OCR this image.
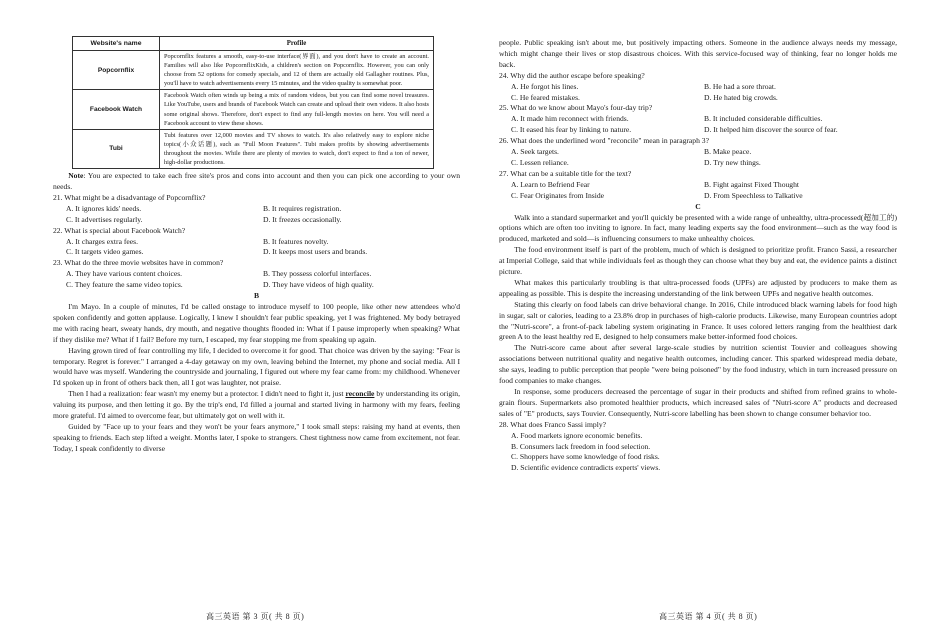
Website's name	Profile
Popcornflix	Popcornflix features a smooth, easy-to-use interface(界面), and you don't have to create an account. Families will also like PopcornflixKids, a children's section on Popcornflix. However, you can only choose from 52 options for comedy specials, and 12 of them are actually old Gallagher routines. Plus, you'll have to watch advertisements every 15 minutes, and the video quality is somewhat poor.
Facebook Watch	Facebook Watch often winds up being a mix of random videos, but you can find some novel treasures. Like YouTube, users and brands of Facebook Watch can create and upload their own videos. It also hosts some original shows. Therefore, don't expect to find any full-length movies on here. You will need a Facebook account to view these shows.
Tubi	Tubi features over 12,000 movies and TV shows to watch. It's also relatively easy to explore niche topics(小众话题), such as "Full Moon Features". Tubi makes profits by showing advertisements throughout the movies. While there are plenty of movies to watch, don't expect to find a ton of newer, high-dollar productions.

Note: You are expected to take each free site's pros and cons into account and then you can pick one according to your own needs.

21. What might be a disadvantage of Popcornflix?

A. It ignores kids' needs.	B. It requires registration.
C. It advertises regularly.	D. It freezes occasionally.

22. What is special about Facebook Watch?

A. It charges extra fees.	B. It features novelty.
C. It targets video games.	D. It keeps most users and brands.

23. What do the three movie websites have in common?

A. They have various content choices.	B. They possess colorful interfaces.
C. They feature the same video topics.	D. They have videos of high quality.

B

I'm Mayo. In a couple of minutes, I'd be called onstage to introduce myself to 100 people, like other new attendees who'd spoken confidently and gotten applause. Logically, I knew I shouldn't fear public speaking, yet I was frightened. My body betrayed me with racing heart, sweaty hands, dry mouth, and negative thoughts flooded in: What if I pause improperly when speaking? What if they dislike me? What if I fail? Before my turn, I escaped, my fear stopping me from speaking up again.

Having grown tired of fear controlling my life, I decided to overcome it for good. That choice was driven by the saying: "Fear is temporary. Regret is forever." I arranged a 4-day getaway on my own, leaving behind the Internet, my phone and social media. All I would have was myself. Wandering the countryside and journaling, I figured out where my fear came from: my childhood. Whenever I'd spoken up in front of others back then, all I got was laughter, not praise.

Then I had a realization: fear wasn't my enemy but a protector. I didn't need to fight it, just reconcile by understanding its origin, valuing its purpose, and then letting it go. By the trip's end, I'd filled a journal and started living in harmony with my fears, feeling more grateful. I'd aimed to overcome fear, but ultimately got on well with it.

Guided by "Face up to your fears and they won't be your fears anymore," I took small steps: raising my hand at events, then speaking to friends. Each step lifted a weight. Months later, I spoke to strangers. Chest tightness now came from excitement, not fear. Today, I speak confidently to diverse

people. Public speaking isn't about me, but positively impacting others. Someone in the audience always needs my message, which might change their lives or stop disastrous choices. With this service-focused way of thinking, fear no longer holds me back.

24. Why did the author escape before speaking?

A. He forgot his lines.	B. He had a sore throat.
C. He feared mistakes.	D. He hated big crowds.

25. What do we know about Mayo's four-day trip?

A. It made him reconnect with friends.	B. It included considerable difficulties.
C. It eased his fear by linking to nature.	D. It helped him discover the source of fear.

26. What does the underlined word "reconcile" mean in paragraph 3?

A. Seek targets.	B. Make peace.
C. Lessen reliance.	D. Try new things.

27. What can be a suitable title for the text?

A. Learn to Befriend Fear	B. Fight against Fixed Thought
C. Fear Originates from Inside	D. From Speechless to Talkative

C

Walk into a standard supermarket and you'll quickly be presented with a wide range of unhealthy, ultra-processed(超加工的) options which are often too inviting to ignore. In fact, many leading experts say the food environment—such as the way food is produced, marketed and sold—is influencing consumers to make unhealthy choices.

The food environment itself is part of the problem, much of which is designed to prioritize profit. Franco Sassi, a researcher at Imperial College, said that while individuals feel as though they can choose what they buy and eat, the evidence paints a distinct picture.

What makes this particularly troubling is that ultra-processed foods (UPFs) are adjusted by producers to make them as appealing as possible. This is despite the increasing understanding of the link between UPFs and negative health outcomes.

Stating this clearly on food labels can drive behavioral change. In 2016, Chile introduced black warning labels for food high in sugar, salt or calories, leading to a 23.8% drop in purchases of high-calorie products. Likewise, many European countries adopt the "Nutri-score", a front-of-pack labeling system originating in France. It uses colored letters ranging from the healthiest dark green A to the least healthy red E, designed to help consumers make better-informed food choices.

The Nutri-score came about after several large-scale studies by nutrition scientist Touvier and colleagues showing associations between nutritional quality and negative health outcomes, including cancer. This sparked widespread media debate, she says, leading to public perception that people "were being poisoned" by the food industry, which in turn increased pressure on food companies to make changes.

In response, some producers decreased the percentage of sugar in their products and shifted from refined grains to whole-grain flours. Supermarkets also promoted healthier products, which increased sales of "Nutri-score A" products and decreased sales of "E" products, says Touvier. Consequently, Nutri-score labelling has been shown to change consumer behavior too.

28. What does Franco Sassi imply?

A. Food markets ignore economic benefits.
B. Consumers lack freedom in food selection.
C. Shoppers have some knowledge of food risks.
D. Scientific evidence contradicts experts' views.
高三英语 第 3 页( 共 8 页)	高三英语 第 4 页( 共 8 页)
